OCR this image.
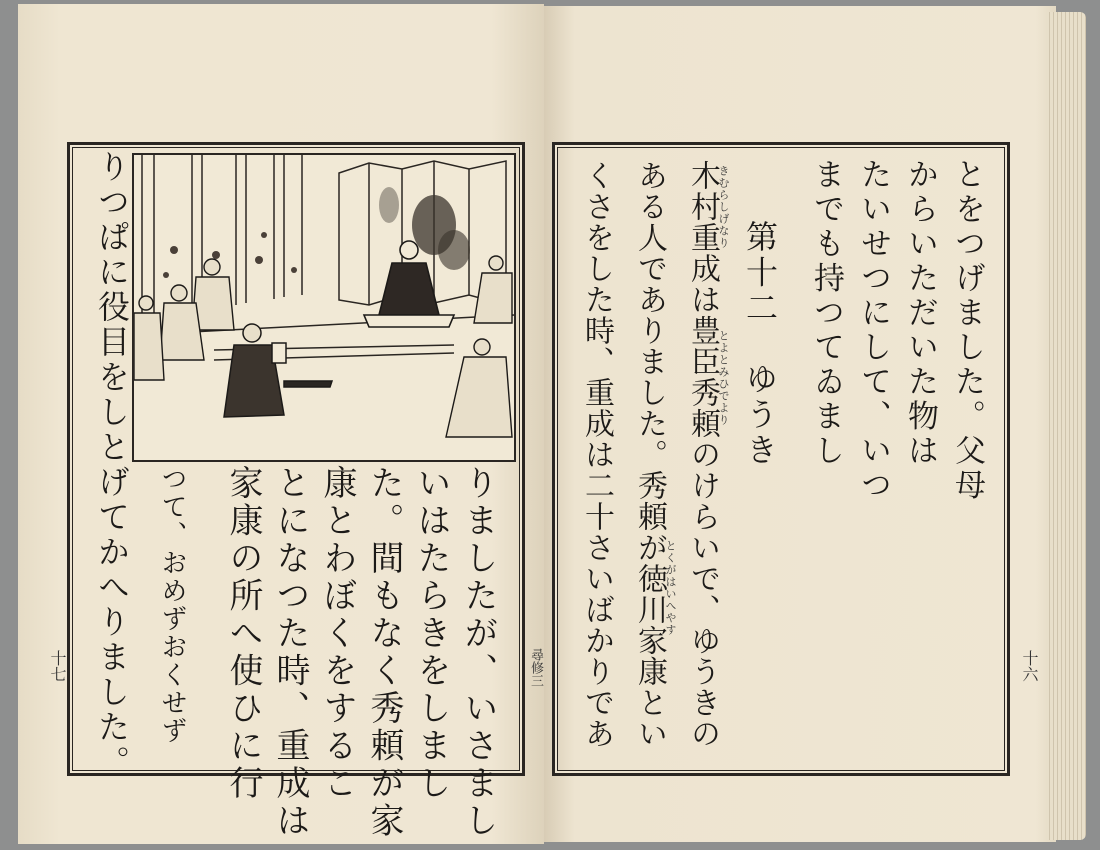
りましたが、いさまし
いはたらきをしまし
た。間もなく秀頼が家
康とわぼくをするこ
とになつた時、重成は
家康の所へ使ひに行
つて、おめずおくせず
りつぱに役目をしとげてかへりました。
十七	尋修三
とをつげました。父母
からいただいた物は
たいせつにして、いつ
までも持つてゐまし
第十二　ゆうき
木村重成は豊臣秀頼のけらいで、ゆうきの
ある人でありました。秀頼が徳川家康とい
くさをした時、重成は二十さいばかりであ	きむらしげなり
とよとみひでより
とくがはいへやす
十六
